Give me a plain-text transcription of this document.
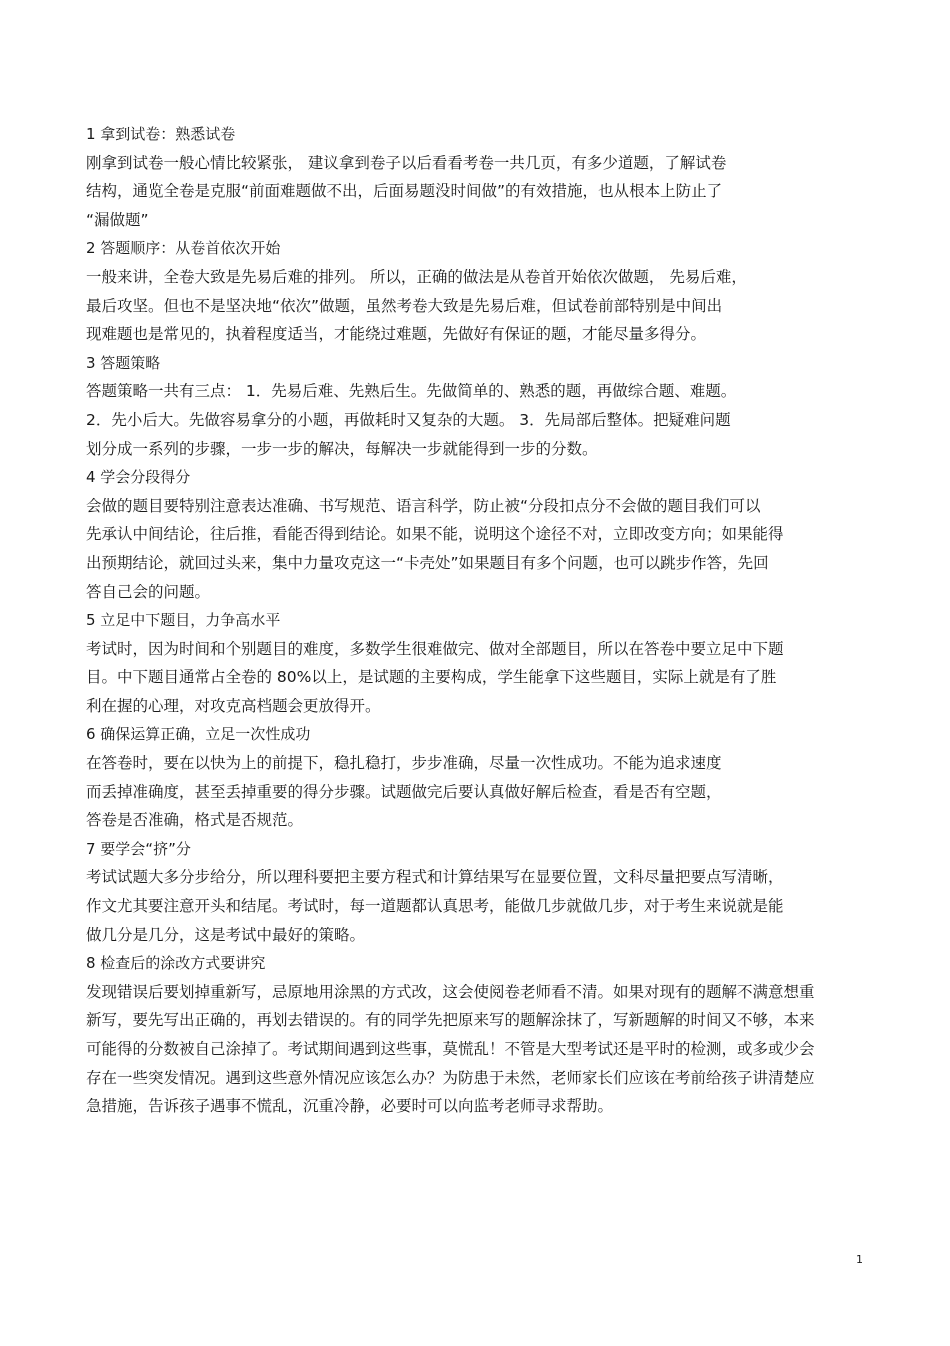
1 拿到试卷：熟悉试卷
刚拿到试卷一般心情比较紧张， 建议拿到卷子以后看看考卷一共几页，有多少道题，了解试卷
结构，通览全卷是克服“前面难题做不出，后面易题没时间做”的有效措施，也从根本上防止了
“漏做题”
2 答题顺序：从卷首依次开始
一般来讲，全卷大致是先易后难的排列。 所以，正确的做法是从卷首开始依次做题， 先易后难，
最后攻坚。但也不是坚决地“依次”做题，虽然考卷大致是先易后难，但试卷前部特别是中间出
现难题也是常见的，执着程度适当，才能绕过难题，先做好有保证的题，才能尽量多得分。
3 答题策略
答题策略一共有三点： 1．先易后难、先熟后生。先做简单的、熟悉的题，再做综合题、难题。
2．先小后大。先做容易拿分的小题，再做耗时又复杂的大题。 3．先局部后整体。把疑难问题
划分成一系列的步骤，一步一步的解决，每解决一步就能得到一步的分数。
4 学会分段得分
会做的题目要特别注意表达准确、书写规范、语言科学，防止被“分段扣点分不会做的题目我们可以
先承认中间结论，往后推，看能否得到结论。如果不能，说明这个途径不对，立即改变方向；如果能得
出预期结论，就回过头来，集中力量攻克这一“卡壳处”如果题目有多个问题，也可以跳步作答，先回
答自己会的问题。
5 立足中下题目，力争高水平
考试时，因为时间和个别题目的难度，多数学生很难做完、做对全部题目，所以在答卷中要立足中下题
目。中下题目通常占全卷的 80%以上，是试题的主要构成，学生能拿下这些题目，实际上就是有了胜
利在握的心理，对攻克高档题会更放得开。
6 确保运算正确，立足一次性成功
在答卷时，要在以快为上的前提下，稳扎稳打，步步准确，尽量一次性成功。不能为追求速度
而丢掉准确度，甚至丢掉重要的得分步骤。试题做完后要认真做好解后检查，看是否有空题，
答卷是否准确，格式是否规范。
7 要学会“挤”分
考试试题大多分步给分，所以理科要把主要方程式和计算结果写在显要位置，文科尽量把要点写清晰，
作文尤其要注意开头和结尾。考试时，每一道题都认真思考，能做几步就做几步，对于考生来说就是能
做几分是几分，这是考试中最好的策略。
8 检查后的涂改方式要讲究
发现错误后要划掉重新写，忌原地用涂黑的方式改，这会使阅卷老师看不清。如果对现有的题解不满意想重
新写，要先写出正确的，再划去错误的。有的同学先把原来写的题解涂抹了，写新题解的时间又不够，本来
可能得的分数被自己涂掉了。考试期间遇到这些事，莫慌乱！不管是大型考试还是平时的检测，或多或少会
存在一些突发情况。遇到这些意外情况应该怎么办？为防患于未然，老师家长们应该在考前给孩子讲清楚应
急措施，告诉孩子遇事不慌乱，沉重冷静，必要时可以向监考老师寻求帮助。
1
